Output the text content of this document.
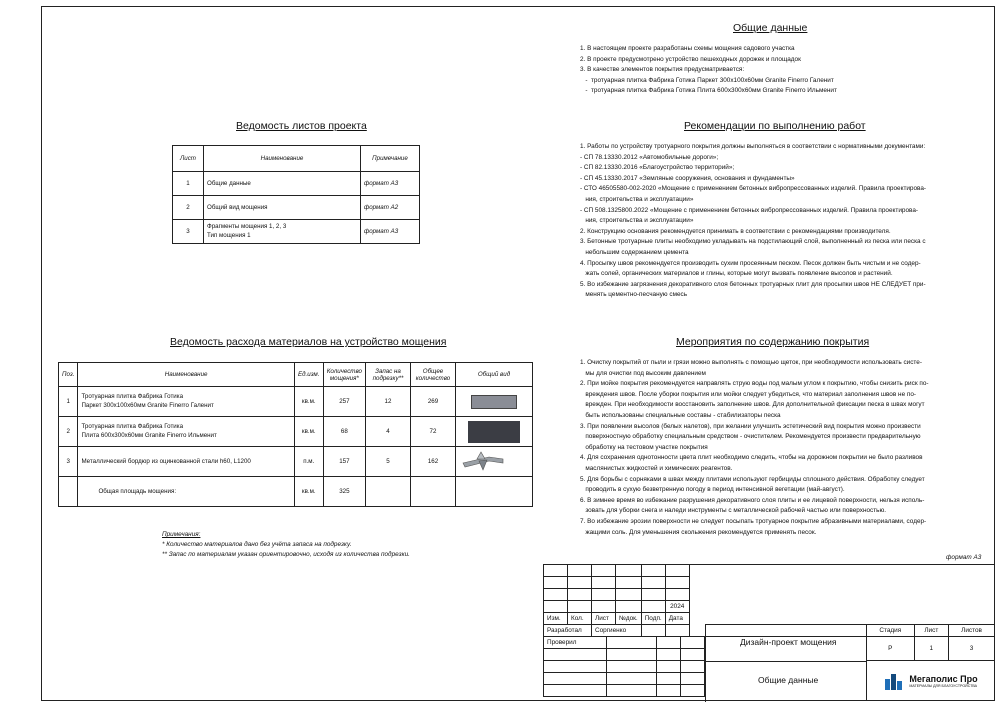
Ведомость листов проекта
Лист	Наименование	Примечание
1	Общие данные	формат А3
2	Общий вид мощения	формат А2
3	Фрагменты мощения 1, 2, 3
Тип мощения 1	формат А3
Ведомость расхода материалов на устройство мощения
Поз.	Наименование	Ед.изм.	Количество мощения*	Запас на подрезку**	Общее количество	Общий вид
1	Тротуарная плитка Фабрика Готика
Паркет 300х100х60мм Granite Finerro Галенит	кв.м.	257	12	269	

2	Тротуарная плитка Фабрика Готика
Плита 600х300х60мм Granite Finerro Ильменит	кв.м.	68	4	72	

3	Металлический бордюр из оцинкованной стали h60, L1200	п.м.	157	5	162	
	Общая площадь мощения:	кв.м.	325			
Примечания:
* Количество материалов дано без учёта запаса на подрезку.
** Запас по материалам указан ориентировочно, исходя из количества подрезки.
Общие данные
1. В настоящем проекте разработаны схемы мощения садового участка
2. В проекте предусмотрено устройство пешеходных дорожек и площадок
3. В качестве элементов покрытия предусматривается:
-  тротуарная плитка Фабрика Готика Паркет 300х100х60мм Granite Finerro Галенит
-  тротуарная плитка Фабрика Готика Плита 600х300х60мм Granite Finerro Ильменит
Рекомендации по выполнению работ
1. Работы по устройству тротуарного покрытия должны выполняться в соответствии с нормативными документами:
- СП 78.13330.2012 «Автомобильные дороги»;
- СП 82.13330.2016 «Благоустройство территорий»;
- СП 45.13330.2017 «Земляные сооружения, основания и фундаменты»
- СТО 46505580-002-2020 «Мощение с применением бетонных вибропрессованных изделий. Правила проектирова-
ния, строительства и эксплуатации»
- СП 508.1325800.2022 «Мощение с применением бетонных вибропрессованных изделий. Правила проектирова-
ния, строительства и эксплуатации»
2. Конструкцию основания рекомендуется принимать в соответствии с рекомендациями производителя.
3. Бетонные тротуарные плиты необходимо укладывать на подстилающий слой, выполненный из песка или песка с
небольшим содержанием цемента
4. Просыпку швов рекомендуется производить сухим просеянным песком. Песок должен быть чистым и не содер-
жать солей, органических материалов и глины, которые могут вызвать появление высолов и растений.
5. Во избежание загрязнения декоративного слоя бетонных тротуарных плит для просыпки швов НЕ СЛЕДУЕТ при-
менять цементно-песчаную смесь
Мероприятия по содержанию покрытия
1. Очистку покрытий от пыли и грязи можно выполнять с помощью щеток, при необходимости использовать систе-
мы для очистки под высоким давлением
2. При мойке покрытия рекомендуется направлять струю воды под малым углом к покрытию, чтобы снизить риск по-
вреждения швов. После уборки покрытия или мойки следует убедиться, что материал заполнения швов не по-
врежден. При необходимости восстановить заполнение швов. Для дополнительной фиксации песка в швах могут
быть использованы специальные составы - стабилизаторы песка
3. При появлении высолов (белых налетов), при желании улучшить эстетический вид покрытия можно произвести
поверхностную обработку специальным средством - очистителем. Рекомендуется произвести предварительную
обработку на тестовом участке покрытия
4. Для сохранения однотонности цвета плит необходимо следить, чтобы на дорожном покрытии не было разливов
маслянистых жидкостей и химических реагентов.
5. Для борьбы с сорняками в швах между плитами используют гербициды сплошного действия. Обработку следует
проводить в сухую безветренную погоду в период интенсивной вегетации (май-август).
6. В зимнее время во избежание разрушения декоративного слоя плиты и ее лицевой поверхности, нельзя исполь-
зовать для уборки снега и наледи инструменты с металлической рабочей частью или поверхностью.
7. Во избежание эрозии поверхности не следует посыпать тротуарное покрытие абразивными материалами, содер-
жащими соль. Для уменьшения скольжения рекомендуется применять песок.
формат А3

					2024	
Изм.	Кол.	Лист	№док.	Подп.	Дата	
Разработал		Соргиенко				
Проверил			

				Дизайн-проект мощения
Общие данные
Стадия	Лист	Листов
Р	1	3

Мегаполис Про
МАТЕРИАЛЫ ДЛЯ БЛАГОУСТРОЙСТВА		
